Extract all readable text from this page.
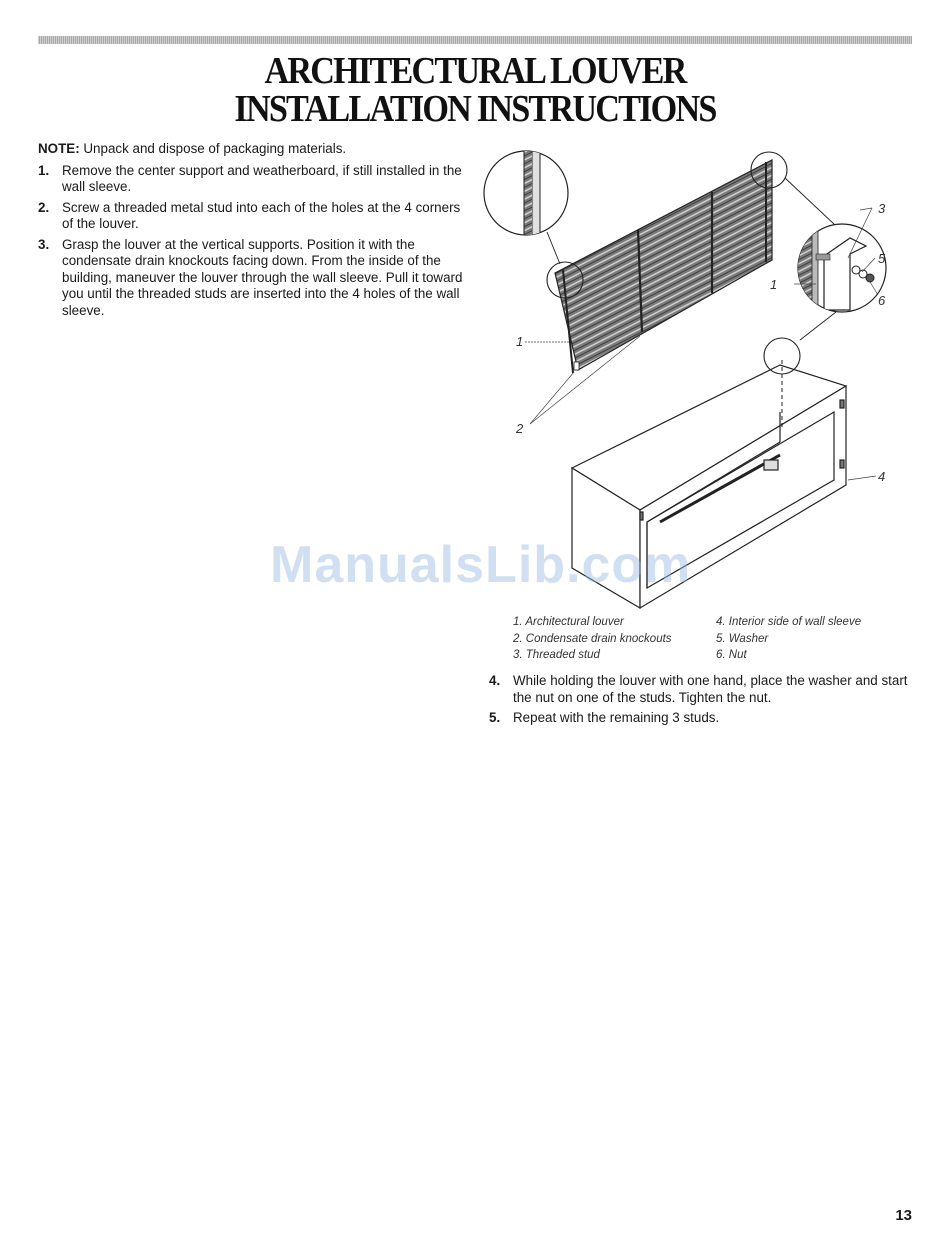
ARCHITECTURAL LOUVER
INSTALLATION INSTRUCTIONS

NOTE: Unpack and dispose of packaging materials.

1. Remove the center support and weatherboard, if still installed in the wall sleeve.
2. Screw a threaded metal stud into each of the holes at the 4 corners of the louver.
3. Grasp the louver at the vertical supports. Position it with the condensate drain knockouts facing down. From the inside of the building, maneuver the louver through the wall sleeve. Pull it toward you until the threaded studs are inserted into the 4 holes of the wall sleeve.
1
2
3
4
5
6
1
1. Architectural louver
2. Condensate drain knockouts
3. Threaded stud
4. Interior side of wall sleeve
5. Washer
6. Nut
4. While holding the louver with one hand, place the washer and start the nut on one of the studs. Tighten the nut.
5. Repeat with the remaining 3 studs.
ManualsLib.com
13
